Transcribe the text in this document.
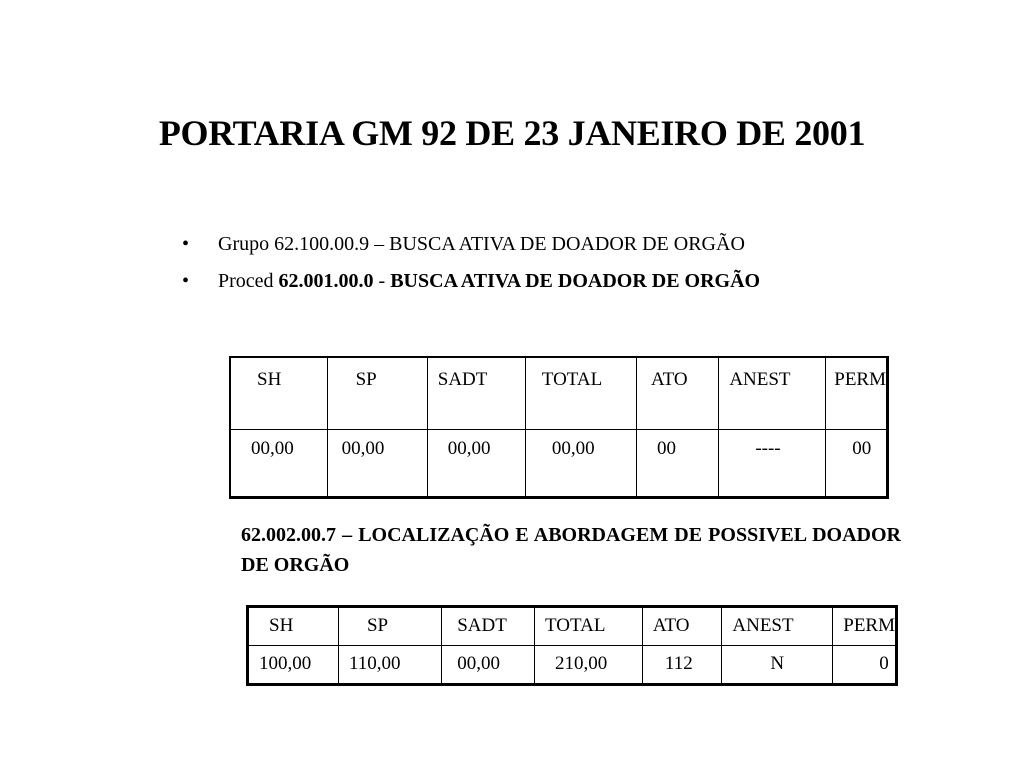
PORTARIA GM 92 DE 23 JANEIRO DE 2001
• Grupo 62.100.00.9 – BUSCA ATIVA DE DOADOR DE ORGÃO
• Proced 62.001.00.0 - BUSCA ATIVA DE DOADOR DE ORGÃO
SH	SP	SADT	TOTAL	ATO	ANEST	PERM
00,00	00,00	00,00	00,00	00	----	00
62.002.00.7 – LOCALIZAÇÃO E ABORDAGEM DE POSSIVEL DOADOR DE ORGÃO
SH	SP	SADT	TOTAL	ATO	ANEST	PERM
100,00	110,00	00,00	210,00	112	N	0
